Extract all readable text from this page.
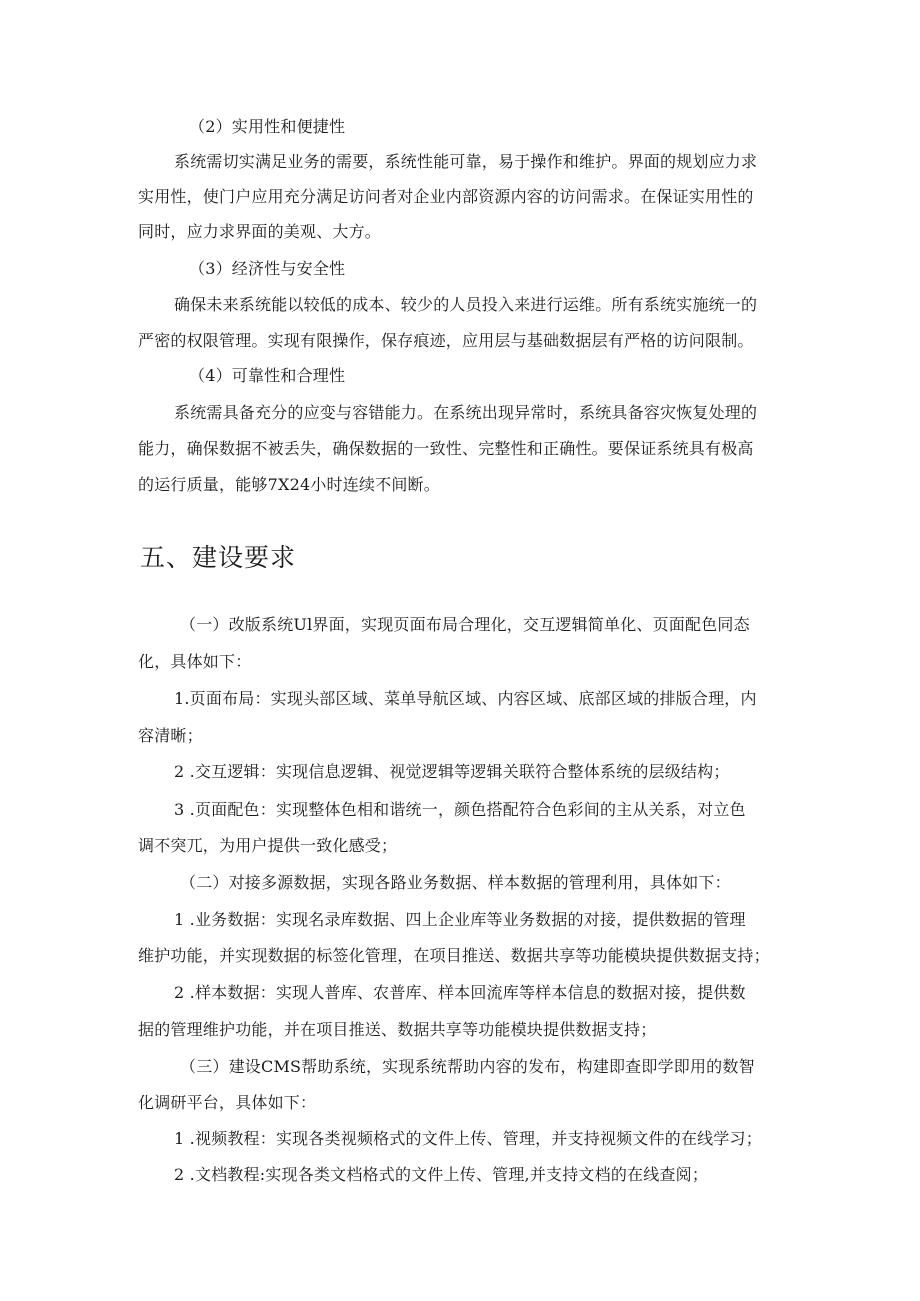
（2）实用性和便捷性
系统需切实满足业务的需要，系统性能可靠，易于操作和维护。界面的规划应力求
实用性，使门户应用充分满足访问者对企业内部资源内容的访问需求。在保证实用性的
同时，应力求界面的美观、大方。
（3）经济性与安全性
确保未来系统能以较低的成本、较少的人员投入来进行运维。所有系统实施统一的
严密的权限管理。实现有限操作，保存痕迹，应用层与基础数据层有严格的访问限制。
（4）可靠性和合理性
系统需具备充分的应变与容错能力。在系统出现异常时，系统具备容灾恢复处理的
能力，确保数据不被丢失，确保数据的一致性、完整性和正确性。要保证系统具有极高
的运行质量，能够7X24小时连续不间断。
五、建设要求
（一）改版系统Ul界面，实现页面布局合理化，交互逻辑简单化、页面配色同态
化，具体如下：
1.页面布局：实现头部区域、菜单导航区域、内容区域、底部区域的排版合理，内
容清晰；
2 .交互逻辑：实现信息逻辑、视觉逻辑等逻辑关联符合整体系统的层级结构；
3 .页面配色：实现整体色相和谐统一，颜色搭配符合色彩间的主从关系，对立色
调不突兀，为用户提供一致化感受；
（二）对接多源数据，实现各路业务数据、样本数据的管理利用，具体如下：
1 .业务数据：实现名录库数据、四上企业库等业务数据的对接，提供数据的管理
维护功能，并实现数据的标签化管理，在项目推送、数据共享等功能模块提供数据支持；
2 .样本数据：实现人普库、农普库、样本回流库等样本信息的数据对接，提供数
据的管理维护功能，并在项目推送、数据共享等功能模块提供数据支持；
（三）建设CMS帮助系统，实现系统帮助内容的发布，构建即查即学即用的数智
化调研平台，具体如下：
1 .视频教程：实现各类视频格式的文件上传、管理，并支持视频文件的在线学习；
2 .文档教程:实现各类文档格式的文件上传、管理,并支持文档的在线查阅；
